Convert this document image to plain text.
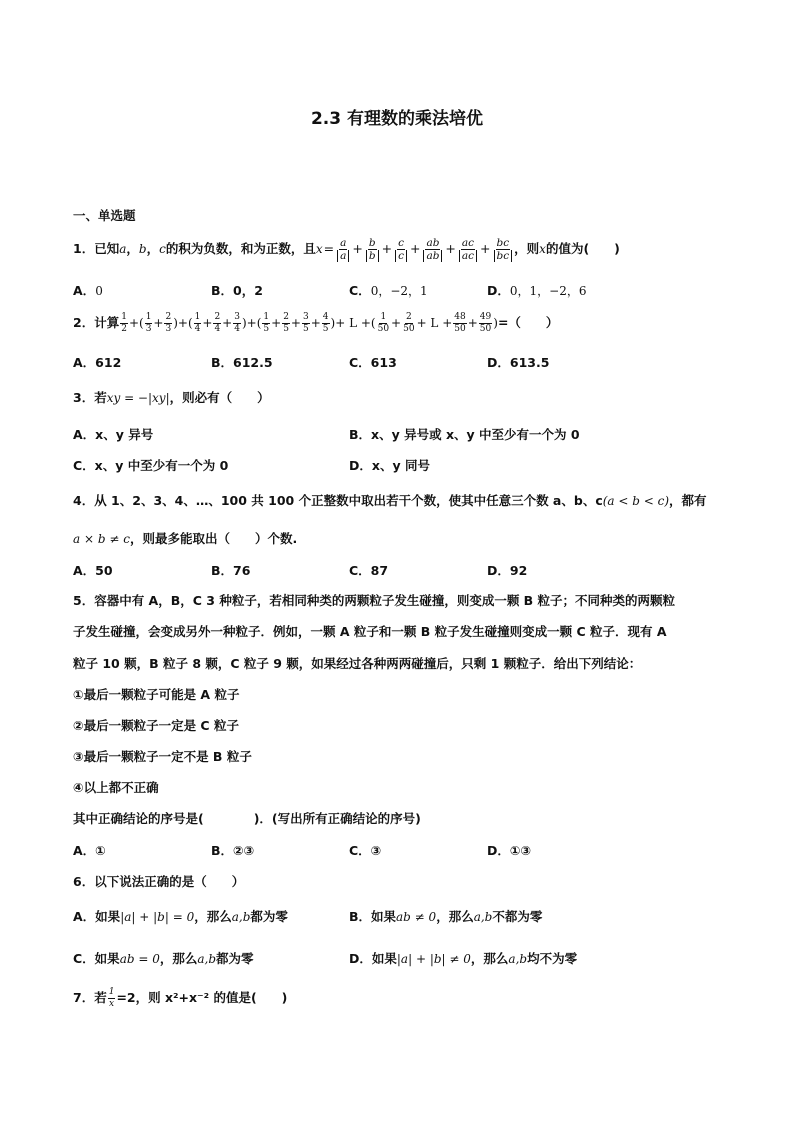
2.3 有理数的乘法培优
一、单选题
1．已知a，b，c的积为负数，和为正数，且$x= \frac{a}{a} + \frac{b}{b} + \frac{c}{c} + \frac{ab}{ab} + \frac{ac}{ac} + \frac{bc}{bc}$ ，则x的值为(　　)
A．0	B．0，2	C．0，−2，1	D．0，1，−2，6
2．计算 $\frac{1}{2}$ +( $\frac{1}{3} + \frac{2}{3}$ )+( $\frac{1}{4} + \frac{2}{4} + \frac{3}{4}$ )+( $\frac{1}{5} + \frac{2}{5} + \frac{3}{5} + \frac{4}{5}$ )+ L +( $\frac{1}{50} + \frac{2}{50} + L + \frac{48}{50} + \frac{49}{50}$ )=（　　）
A．612	B．612.5	C．613	D．613.5
3．若xy = −|xy|，则必有（　　）
A．x、y 异号	B．x、y 异号或 x、y 中至少有一个为 0
C．x、y 中至少有一个为 0	D．x、y 同号
4．从 1、2、3、4、…、100 共 100 个正整数中取出若干个数，使其中任意三个数 a、b、c(a < b < c)，都有
a × b ≠ c，则最多能取出（　　）个数.
A．50	B．76	C．87	D．92
5．容器中有 A，B，C 3 种粒子，若相同种类的两颗粒子发生碰撞，则变成一颗 B 粒子；不同种类的两颗粒
子发生碰撞，会变成另外一种粒子．例如，一颗 A 粒子和一颗 B 粒子发生碰撞则变成一颗 C 粒子．现有 A
粒子 10 颗，B 粒子 8 颗，C 粒子 9 颗，如果经过各种两两碰撞后，只剩 1 颗粒子．给出下列结论：
①最后一颗粒子可能是 A 粒子
②最后一颗粒子一定是 C 粒子
③最后一颗粒子一定不是 B 粒子
④以上都不正确
其中正确结论的序号是(　　　　)．(写出所有正确结论的序号)
A．①	B．②③	C．③	D．①③
6．以下说法正确的是（　　）
A．如果|a| + |b| = 0，那么a,b都为零	B．如果ab ≠ 0，那么a,b不都为零
C．如果ab = 0，那么a,b都为零	D．如果|a| + |b| ≠ 0，那么a,b均不为零
7．若 $\frac{1}{x} =2$，则 x²+x⁻² 的值是(　　)
